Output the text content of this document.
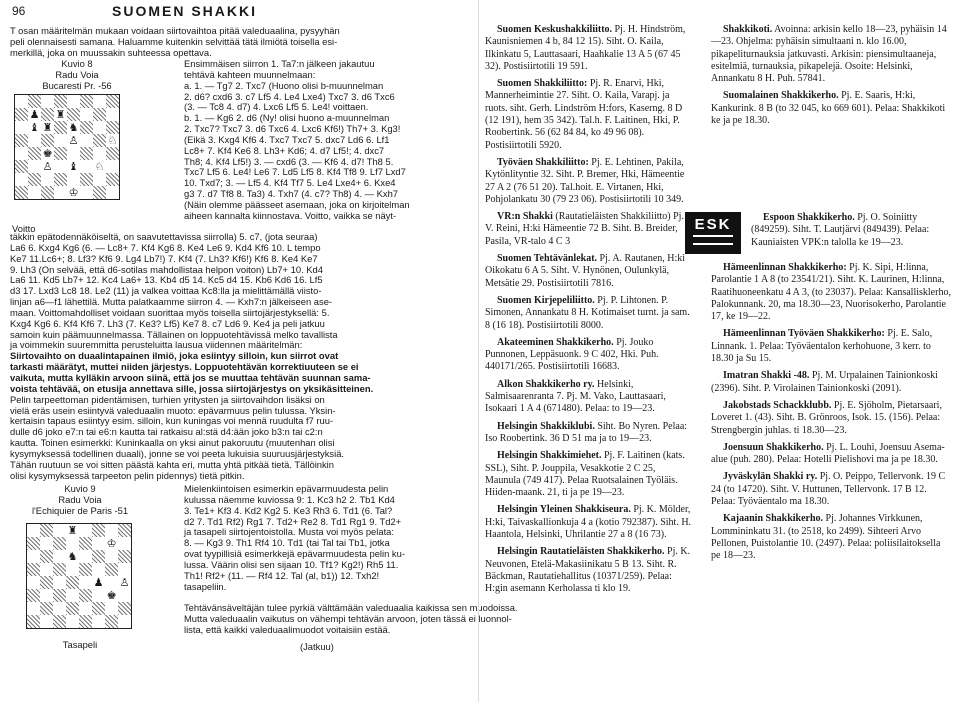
96	SUOMEN SHAKKI
T osan määritelmän mukaan voidaan siirtovaihtoa pitää valeduaalina, pysyyhän
peli olennaisesti samana. Haluamme kuitenkin selvittää tätä ilmiötä toisella esi-
merkillä, joka on muussakin suhteessa opettava.
Kuvio 8
Radu Voia
Bucaresti Pr. -56
♟ ♜
♝ ♜ ♞
♙	♘
♚
♙ ♝ ♘
♔
Voitto
Ensimmäisen siirron 1. Ta7:n jälkeen jakautuu
tehtävä kahteen muunnelmaan:
a. 1. — Tg7 2. Txc7 (Huono olisi b-muunnelman
2. d6? cxd6 3. c7 Lf5 4. Le4 Lxe4) Txc7 3. d6 Txc6
(3. — Tc8 4. d7) 4. Lxc6 Lf5 5. Le4! voittaen.
b. 1. — Kg6 2. d6 (Ny! olisi huono a-muunnelman
2. Txc7? Txc7 3. d6 Txc6 4. Lxc6 Kf6!) Th7+ 3. Kg3!
(Eikä 3. Kxg4 Kf6 4. Txc7 Txc7 5. dxc7 Ld6 6. Lf1
Lc8+ 7. Kf4 Ke6 8. Lh3+ Kd6; 4. d7 Lf5!; 4. dxc7
Th8; 4. Kf4 Lf5!) 3. — cxd6 (3. — Kf6 4. d7! Th8 5.
Txc7 Lf5 6. Le4! Le6 7. Ld5 Lf5 8. Kf4 Tf8 9. Lf7 Lxd7
10. Txd7; 3. — Lf5 4. Kf4 Tf7 5. Le4 Lxe4+ 6. Kxe4
g3 7. d7 Tf8 8. Ta3) 4. Txh7 (4. c7? Th8) 4. — Kxh7
(Näin olemme päässeet asemaan, joka on kirjoitelman
aiheen kannalta kiinnostava. Voitto, vaikka se näyt-
täkkin epätodennäköiseltä, on saavutettavissa siirrolla) 5. c7, (jota seuraa)
La6 6. Kxg4 Kg6 (6. — Lc8+ 7. Kf4 Kg6 8. Ke4 Le6 9. Kd4 Kf6 10. L tempo
Ke7 11.Lc6+; 8. Lf3? Kf6 9. Lg4 Lb7!) 7. Kf4 (7. Lh3? Kf6!) Kf6 8. Ke4 Ke7
9. Lh3 (On selvää, että d6-sotilas mahdollistaa helpon voiton) Lb7+ 10. Kd4
La6 11. Kd5 Lb7+ 12. Kc4 La6+ 13. Kb4 d5 14. Kc5 d4 15. Kb6 Kd6 16. Lf5
d3 17. Lxd3 Lc8 18. Le2 (11) ja valkea voittaa Kc8:lla ja mielittämällä viisto-
linjan a6—f1 lähettilä. Mutta palatkaamme siirron 4. — Kxh7:n jälkeiseen ase-
maan. Voittomahdolliset voidaan suorittaa myös toisella siirtojärjestyksellä: 5.
Kxg4 Kg6 6. Kf4 Kf6 7. Lh3 (7. Ke3? Lf5) Ke7 8. c7 Ld6 9. Ke4 ja peli jatkuu
samoin kuin päämuunnelmassa. Tällainen on loppuotehtävissä melko tavallista
ja voimmekin suuremmitta perusteluitta lausua viidennen määritelmän:
Siirtovaihto on duaalintapainen ilmiö, joka esiintyy silloin, kun siirrot ovat
tarkasti määrätyt, muttei niiden järjestys. Loppuotehtävän korrektiuuteen se ei
vaikuta, mutta kylläkin arvoon siinä, että jos se muuttaa tehtävän suunnan sama-
voista tehtävää, on etusija annettava sille, jossa siirtojärjestys on yksikäsitteinen.
Pelin tarpeettoman pidentämisen, turhien yritysten ja siirtovaihdon lisäksi on
vielä eräs usein esiintyvä valeduaalin muoto: epävarmuus pelin tulussa. Yksin-
kertaisin tapaus esiintyy esim. silloin, kun kuningas voi mennä ruudulta f7 ruu-
dulle d6 joko e7:n tai e6:n kautta tai ratkaisu al:stä d4:ään joko b3:n tai c2:n
kautta. Toinen esimerkki: Kuninkaalla on yksi ainut pakoruutu (muutenhan olisi
kysymyksessä todellinen duaali), jonne se voi peeta lukuisia suuruusjärjestyksiä.
Tähän ruutuun se voi sitten päästä kahta eri, mutta yhtä pitkää tietä. Tällöinkin
olisi kysymyksessä tarpeeton pelin pidennys) tietä pitkin.
Kuvio 9
Radu Voia
l'Echiquier de Paris -51
♜
♔
♞
♟ ♙
♚
Tasapeli
Mielenkiintoisen esimerkin epävarmuudesta pelin
kulussa näemme kuviossa 9: 1. Kc3 h2 2. Tb1 Kd4
3. Te1+ Kf3 4. Kd2 Kg2 5. Ke3 Rh3 6. Td1 (6. Tal?
d2 7. Td1 Rf2) Rg1 7. Td2+ Re2 8. Td1 Rg1 9. Td2+
ja tasapeli siirtojentoistolla. Musta voi myös pelata:
8. — Kg3 9. Th1 Rf4 10. Td1 (tai Tal tai Tb1, jotka
ovat tyypillisiä esimerkkejä epävarmuudesta pelin ku-
lussa. Väärin olisi sen sijaan 10. Tf1? Kg2!) Rh5 11.
Th1! Rf2+ (11. — Rf4 12. Tal (al, b1)) 12. Txh2!
tasapeliin.
Tehtävänsäveltäjän tulee pyrkiä välttämään valeduaalia kaikissa sen muodoissa.
Mutta valeduaalin vaikutus on vähempi tehtävän arvoon, joten tässä ei luonnol-
lista, että kaikki valeduaalimuodot voitaisiin estää.
(Jatkuu)
Suomen Keskushakkiliitto. Pj. H. Hindström, Kaunisniemen 4 b, 84 12 15). Siht. O. Kaila, Ilkinkatu 5, Lauttasaari, Haahkalie 13 A 5 (67 45 32). Postisiirtotili 19 591.
Suomen Shakkiliitto: Pj. R. Enarvi, Hki, Mannerheimintie 27. Siht. O. Kaila, Varapj. ja ruots. siht. Gerh. Lindström H:fors, Kaserng. 8 D (12 191), hem 35 342). Tal.h. F. Laitinen, Hki, P. Roobertink. 56 (62 84 84, ko 49 96 08). Postisiirtotili 5920.
Työväen Shakkiliitto: Pj. E. Lehtinen, Pakila, Kytönlityntie 32. Siht. P. Bremer, Hki, Hämeentie 27 A 2 (76 51 20). Tal.hoit. E. Virtanen, Hki, Pohjolankatu 30 (79 23 06). Postisiirtotili 10 349.
VR:n Shakki (Rautatieläisten Shakkiliitto) Pj. V. Reini, H:ki Hämeentie 72 B. Siht. B. Breider, Pasila, VR-talo 4 C 3
Suomen Tehtävänlekat. Pj. A. Rautanen, H:ki Oikokatu 6 A 5. Siht. V. Hynönen, Oulunkylä, Metsätie 29. Postisiirtotili 7816.
Suomen Kirjepeliliitto. Pj. P. Lihtonen. P. Simonen, Annankatu 8 H. Kotimaiset turnt. ja sam. 8 (16 18). Postisiirtotili 8000.
Akateeminen Shakkikerho. Pj. Jouko Punnonen, Leppäsuonk. 9 C 402, Hki. Puh. 440171/265. Postisiirtotili 16683.
Alkon Shakkikerho ry. Helsinki, Salmisaarenranta 7. Pj. M. Vako, Lauttasaari, Isokaari 1 A 4 (671480). Pelaa: to 19—23.
Helsingin Shakkiklubi. Siht. Bo Nyren. Pelaa: Iso Roobertink. 36 D 51 ma ja to 19—23.
Helsingin Shakkimiehet. Pj. F. Laitinen (kats. SSL), Siht. P. Jouppila, Vesakkotie 2 C 25, Maunula (749 417). Pelaa Ruotsalainen Työläis. Hiiden-maank. 21, ti ja pe 19—23.
Helsingin Yleinen Shakkiseura. Pj. K. Mölder, H:ki, Taivaskallionkuja 4 a (kotio 792387). Siht. H. Haantola, Helsinki, Uhrilantie 27 a 8 (16 73).
Helsingin Rautatieläisten Shakkikerho. Pj. K. Neuvonen, Etelä-Makasiinikatu 5 B 13. Siht. R. Bäckman, Rautatiehallitus (10371/259). Pelaa: H:gin asemann Kerholassa ti klo 19.
Shakkikoti. Avoinna: arkisin kello 18—23, pyhäisin 14—23. Ohjelma: pyhäisin simultaani n. klo 16.00, pikapeliturnauksia jatkuvasti. Arkisin: piensimultaaneja, esitelmiä, turnauksia, pikapelejä. Osoite: Helsinki, Annankatu 8 H. Puh. 57841.
Suomalainen Shakkikerho. Pj. E. Saaris, H:ki, Kankurink. 8 B (to 32 045, ko 669 601). Pelaa: Shakkikoti ke ja pe 18.30.
ESK	Espoon Shakkikerho. Pj. O. Soiniitty (849259). Siht. T. Lautjärvi (849439). Pelaa: Kauniaisten VPK:n talolla ke 19—23.
Hämeenlinnan Shakkikerho: Pj. K. Sipi, H:linna, Parolantie 1 A 8 (to 23541/21). Siht. K. Laurinen, H:linna, Raatihuoneenkatu 4 A 3, (to 23037). Pelaa: Kansallisklerho, Palokunnank. 20, ma 18.30—23, Nuorisokerho, Parolantie 17, ke 19—22.
Hämeenlinnan Työväen Shakkikerho: Pj. E. Salo, Linnank. 1. Pelaa: Työväentalon kerhohuone, 3 kerr. to 18.30 ja Su 15.
Imatran Shakki -48. Pj. M. Urpalainen Tainionkoski (2396). Siht. P. Virolainen Tainionkoski (2091).
Jakobstads Schackklubb. Pj. E. Sjöholm, Pietarsaari, Loveret 1. (43). Siht. B. Grönroos, Isok. 15. (156). Pelaa: Strengbergin juhlas. ti 18.30—23.
Joensuun Shakkikerho. Pj. L. Louhi, Joensuu Asema-alue (puh. 280). Pelaa: Hotelli Pielishovi ma ja pe 18.30.
Jyväskylän Shakki ry. Pj. O. Peippo, Tellervonk. 19 C 24 (to 14720). Siht. V. Huttunen, Tellervonk. 17 B 12. Pelaa: Työväentalo ma 18.30.
Kajaanin Shakkikerho. Pj. Johannes Virkkunen, Lommininkatu 31. (to 2518, ko 2499). Sihteeri Arvo Pellonen, Puistolantie 10. (2497). Pelaa: poliisilaitoksella pe 18—23.
